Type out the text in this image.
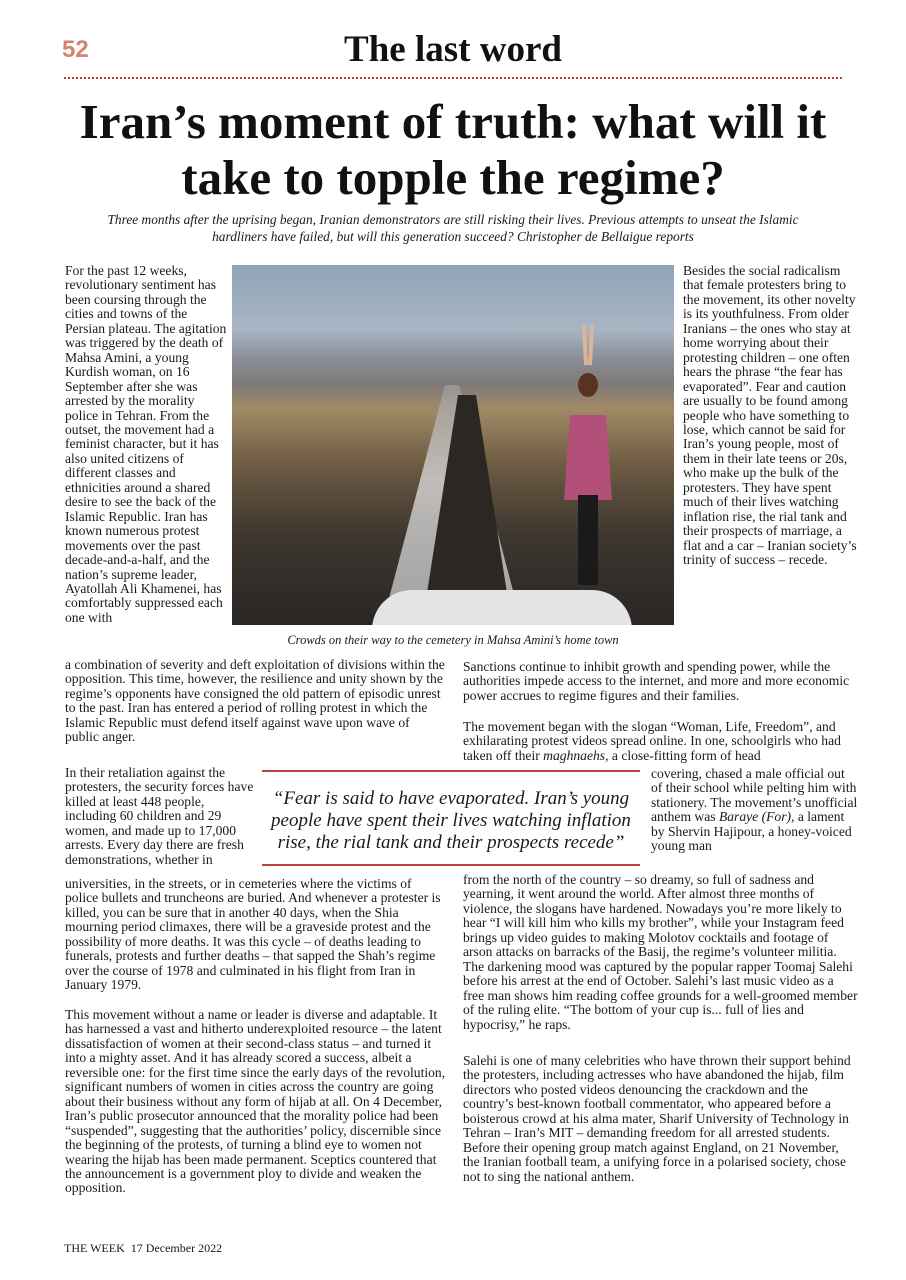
52	The last word
Iran’s moment of truth: what will it take to topple the regime?
Three months after the uprising began, Iranian demonstrators are still risking their lives. Previous attempts to unseat the Islamic hardliners have failed, but will this generation succeed? Christopher de Bellaigue reports
Crowds on their way to the cemetery in Mahsa Amini’s home town

For the past 12 weeks, revolutionary sentiment has been coursing through the cities and towns of the Persian plateau. The agitation was triggered by the death of Mahsa Amini, a young Kurdish woman, on 16 September after she was arrested by the morality police in Tehran. From the outset, the movement had a feminist character, but it has also united citizens of different classes and ethnicities around a shared desire to see the back of the Islamic Republic. Iran has known numerous protest movements over the past decade-and-a-half, and the nation’s supreme leader, Ayatollah Ali Khamenei, has comfortably suppressed each one with

a combination of severity and deft exploitation of divisions within the opposition. This time, however, the resilience and unity shown by the regime’s opponents have consigned the old pattern of episodic unrest to the past. Iran has entered a period of rolling protest in which the Islamic Republic must defend itself against wave upon wave of public anger.

In their retaliation against the protesters, the security forces have killed at least 448 people, including 60 children and 29 women, and made up to 17,000 arrests. Every day there are fresh demonstrations, whether in

universities, in the streets, or in cemeteries where the victims of police bullets and truncheons are buried. And whenever a protester is killed, you can be sure that in another 40 days, when the Shia mourning period climaxes, there will be a graveside protest and the possibility of more deaths. It was this cycle – of deaths leading to funerals, protests and further deaths – that sapped the Shah’s regime over the course of 1978 and culminated in his flight from Iran in January 1979.

This movement without a name or leader is diverse and adaptable. It has harnessed a vast and hitherto underexploited resource – the latent dissatisfaction of women at their second-class status – and turned it into a mighty asset. And it has already scored a success, albeit a reversible one: for the first time since the early days of the revolution, significant numbers of women in cities across the country are going about their business without any form of hijab at all. On 4 December, Iran’s public prosecutor announced that the morality police had been “suspended”, suggesting that the authorities’ policy, discernible since the beginning of the protests, of turning a blind eye to women not wearing the hijab has been made permanent. Sceptics countered that the announcement is a government ploy to divide and weaken the opposition.

Besides the social radicalism that female protesters bring to the movement, its other novelty is its youthfulness. From older Iranians – the ones who stay at home worrying about their protesting children – one often hears the phrase “the fear has evaporated”. Fear and caution are usually to be found among people who have something to lose, which cannot be said for Iran’s young people, most of them in their late teens or 20s, who make up the bulk of the protesters. They have spent much of their lives watching inflation rise, the rial tank and their prospects of marriage, a flat and a car – Iranian society’s trinity of success – recede.

Sanctions continue to inhibit growth and spending power, while the authorities impede access to the internet, and more and more economic power accrues to regime figures and their families.

The movement began with the slogan “Woman, Life, Freedom”, and exhilarating protest videos spread online. In one, schoolgirls who had taken off their maghnaehs, a close-fitting form of head

covering, chased a male official out of their school while pelting him with stationery. The movement’s unofficial anthem was Baraye (For), a lament by Shervin Hajipour, a honey-voiced young man

from the north of the country – so dreamy, so full of sadness and yearning, it went around the world. After almost three months of violence, the slogans have hardened. Nowadays you’re more likely to hear “I will kill him who kills my brother”, while your Instagram feed brings up video guides to making Molotov cocktails and footage of arson attacks on barracks of the Basij, the regime’s volunteer militia. The darkening mood was captured by the popular rapper Toomaj Salehi before his arrest at the end of October. Salehi’s last music video as a free man shows him reading coffee grounds for a well-groomed member of the ruling elite. “The bottom of your cup is... full of lies and hypocrisy,” he raps.

Salehi is one of many celebrities who have thrown their support behind the protesters, including actresses who have abandoned the hijab, film directors who posted videos denouncing the crackdown and the country’s best-known football commentator, who appeared before a boisterous crowd at his alma mater, Sharif University of Technology in Tehran – Iran’s MIT – demanding freedom for all arrested students. Before their opening group match against England, on 21 November, the Iranian football team, a unifying force in a polarised society, chose not to sing the national anthem.

“Fear is said to have evaporated. Iran’s young people have spent their lives watching inflation rise, the rial tank and their prospects recede”
THE WEEK 17 December 2022
